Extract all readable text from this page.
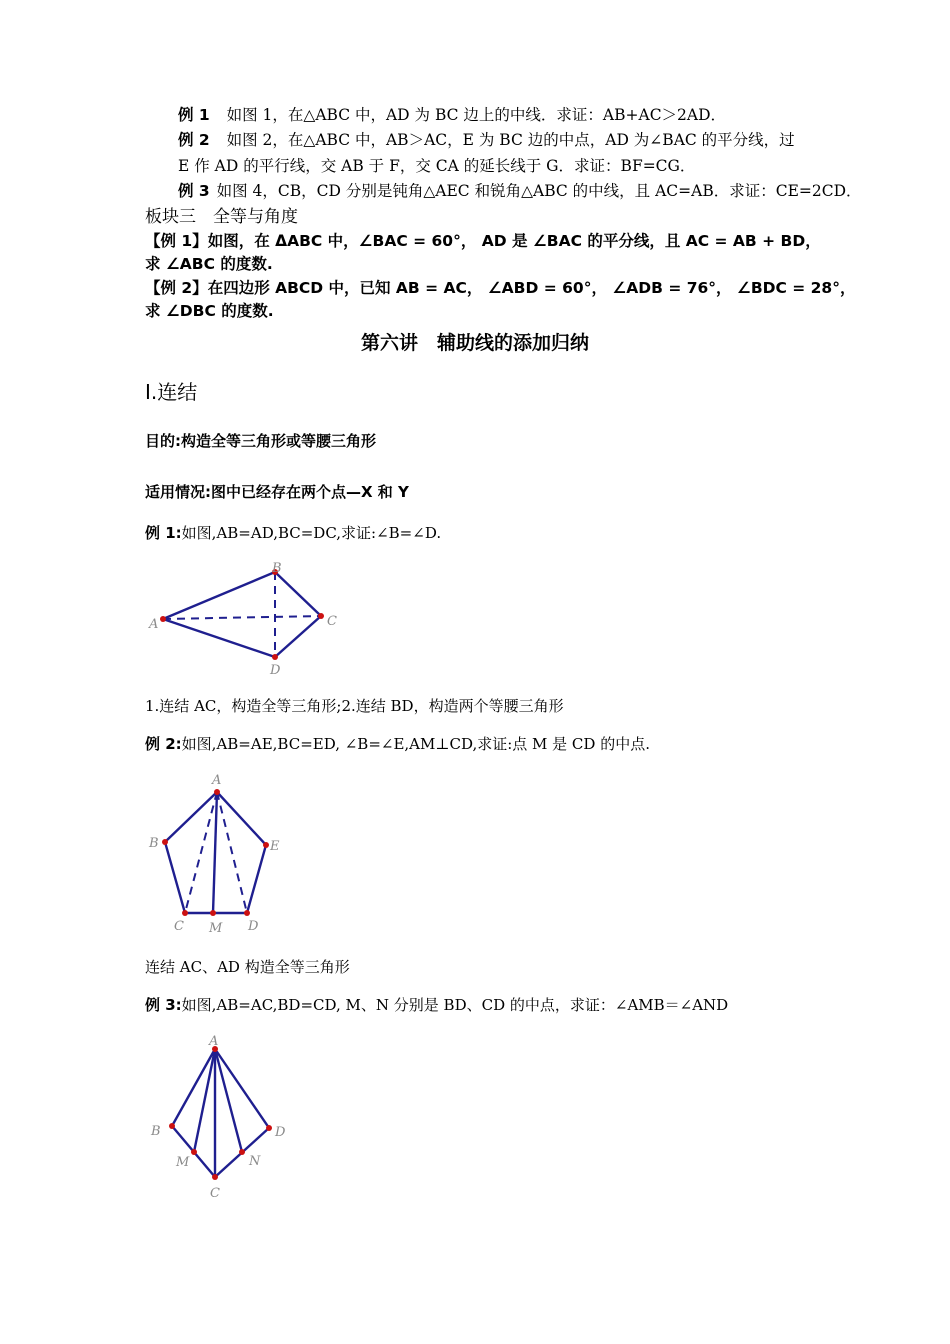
例 1 如图 1，在△ABC 中，AD 为 BC 边上的中线．求证：AB+AC＞2AD．
例 2 如图 2，在△ABC 中，AB＞AC，E 为 BC 边的中点，AD 为∠BAC 的平分线，过
E 作 AD 的平行线，交 AB 于 F，交 CA 的延长线于 G．求证：BF=CG．
例 3 如图 4，CB，CD 分别是钝角△AEC 和锐角△ABC 的中线，且 AC=AB．求证：CE=2CD．
板块三　全等与角度
【例 1】如图，在 ΔABC 中，∠BAC = 60°， AD 是 ∠BAC 的平分线，且 AC = AB + BD，
求 ∠ABC 的度数.
【例 2】在四边形 ABCD 中，已知 AB = AC， ∠ABD = 60°， ∠ADB = 76°， ∠BDC = 28°，
求 ∠DBC 的度数.
第六讲　辅助线的添加归纳
Ⅰ.连结
目的:构造全等三角形或等腰三角形
适用情况:图中已经存在两个点—X 和 Y
例 1:如图,AB=AD,BC=DC,求证:∠B=∠D.
A
B
C
D
1.连结 AC，构造全等三角形;2.连结 BD，构造两个等腰三角形
例 2:如图,AB=AE,BC=ED, ∠B=∠E,AM⊥CD,求证:点 M 是 CD 的中点.
A
B
C M D
E
连结 AC、AD 构造全等三角形
例 3:如图,AB=AC,BD=CD, M、N 分别是 BD、CD 的中点，求证：∠AMB＝∠AND
A
B
M
C
N
D
